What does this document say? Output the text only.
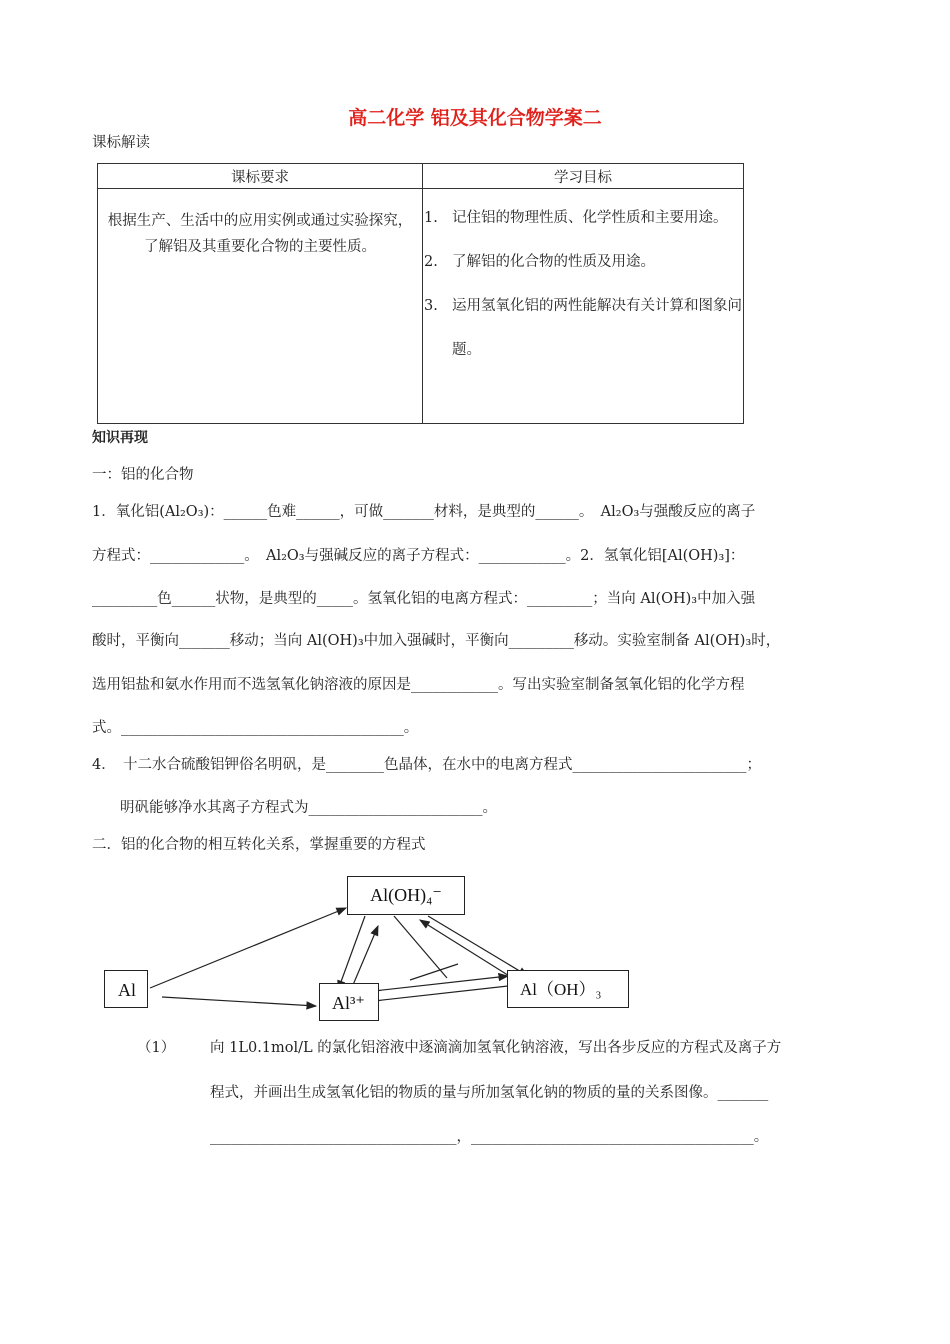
高二化学 铝及其化合物学案二
课标解读
课标要求	学习目标

根据生产、生活中的应用实例或通过实验探究，了解铝及其重要化合物的主要性质。	1. 记住铝的物理性质、化学性质和主要用途。
2. 了解铝的化合物的性质及用途。
3. 运用氢氧化铝的两性能解决有关计算和图象问题。
知识再现
一：铝的化合物
1．氧化铝(Al₂O₃)：______色难______，可做_______材料，是典型的______。　Al₂O₃与强酸反应的离子
方程式：_____________。　Al₂O₃与强碱反应的离子方程式：____________。2．氢氧化铝[Al(OH)₃]：
_________色______状物，是典型的_____。氢氧化铝的电离方程式：_________；当向 Al(OH)₃中加入强
酸时，平衡向_______移动；当向 Al(OH)₃中加入强碱时，平衡向_________移动。实验室制备 Al(OH)₃时，
选用铝盐和氨水作用而不选氢氧化钠溶液的原因是____________。写出实验室制备氢氧化铝的化学方程
式。_______________________________________。
4．　十二水合硫酸铝钾俗名明矾，是________色晶体，在水中的电离方程式________________________；
明矾能够净水其离子方程式为________________________。
二．铝的化合物的相互转化关系，掌握重要的方程式
Al(OH)₄⁻
Al
Al³⁺
Al（OH）₃
（1） 向 1L0.1mol/L 的氯化铝溶液中逐滴滴加氢氧化钠溶液，写出各步反应的方程式及离子方
程式，并画出生成氢氧化铝的物质的量与所加氢氧化钠的物质的量的关系图像。_______
__________________________________，_______________________________________。
